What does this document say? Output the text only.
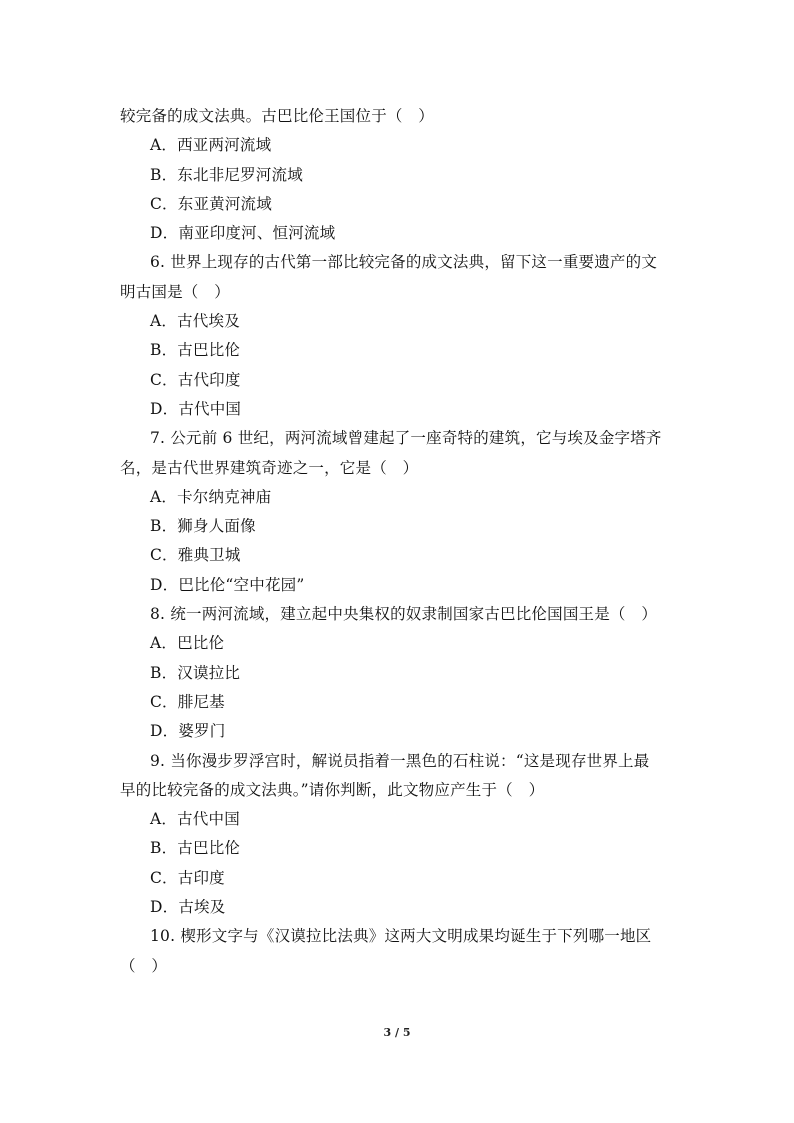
较完备的成文法典。古巴比伦王国位于（　）
A．西亚两河流域
B．东北非尼罗河流域
C．东亚黄河流域
D．南亚印度河、恒河流域
6. 世界上现存的古代第一部比较完备的成文法典，留下这一重要遗产的文
明古国是（　）
A．古代埃及
B．古巴比伦
C．古代印度
D．古代中国
7. 公元前 6 世纪，两河流域曾建起了一座奇特的建筑，它与埃及金字塔齐
名，是古代世界建筑奇迹之一，它是（　）
A．卡尔纳克神庙
B．狮身人面像
C．雅典卫城
D．巴比伦“空中花园”
8. 统一两河流域，建立起中央集权的奴隶制国家古巴比伦国国王是（　）
A．巴比伦
B．汉谟拉比
C．腓尼基
D．婆罗门
9. 当你漫步罗浮宫时，解说员指着一黑色的石柱说：“这是现存世界上最
早的比较完备的成文法典。”请你判断，此文物应产生于（　）
A．古代中国
B．古巴比伦
C．古印度
D．古埃及
10. 楔形文字与《汉谟拉比法典》这两大文明成果均诞生于下列哪一地区
（　）
3 / 5
